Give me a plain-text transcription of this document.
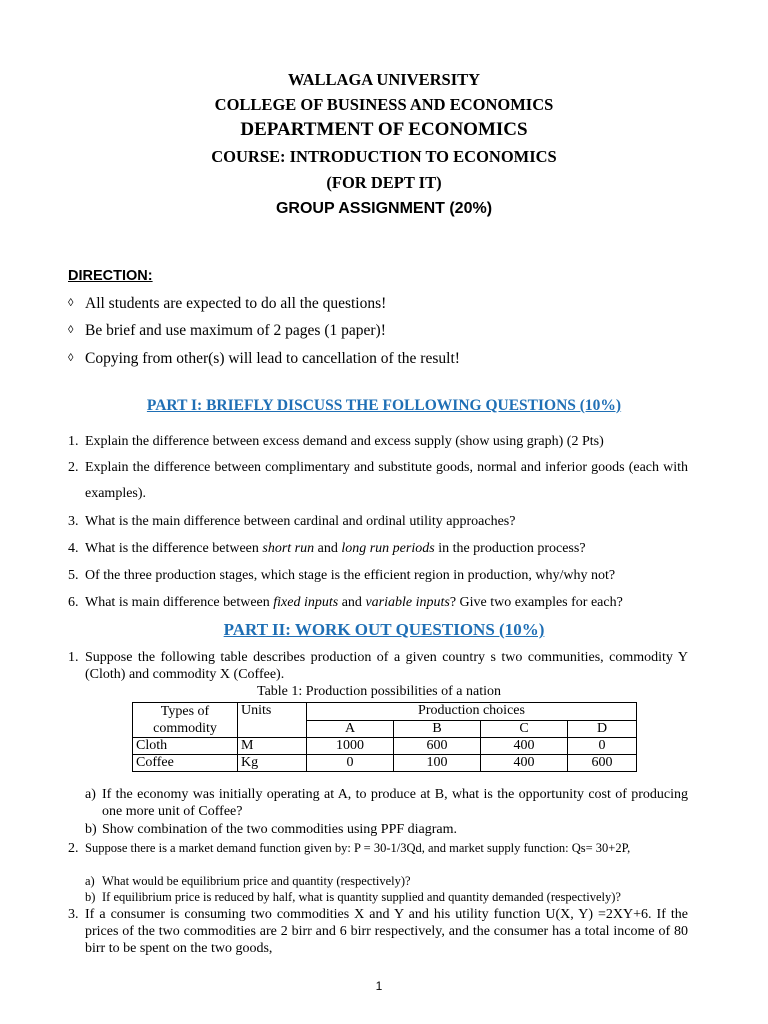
WALLAGA UNIVERSITY
COLLEGE OF BUSINESS AND ECONOMICS
DEPARTMENT OF ECONOMICS
COURSE: INTRODUCTION TO ECONOMICS
(FOR DEPT IT)
GROUP ASSIGNMENT (20%)
DIRECTION:
◊ All students are expected to do all the questions!
◊ Be brief and use maximum of 2 pages (1 paper)!
◊ Copying from other(s) will lead to cancellation of the result!
PART I: BRIEFLY DISCUSS THE FOLLOWING QUESTIONS (10%)
1. Explain the difference between excess demand and excess supply (show using graph) (2 Pts)
2. Explain the difference between complimentary and substitute goods, normal and inferior goods (each with examples).
3. What is the main difference between cardinal and ordinal utility approaches?
4. What is the difference between short run and long run periods in the production process?
5. Of the three production stages, which stage is the efficient region in production, why/why not?
6. What is main difference between fixed inputs and variable inputs? Give two examples for each?
PART II: WORK OUT QUESTIONS (10%)
1. Suppose the following table describes production of a given country s two communities, commodity Y (Cloth) and commodity X (Coffee).
Table 1: Production possibilities of a nation
Types of commodity	Units	Production choices			
		A	B	C	D
Cloth	M	1000	600	400	0
Coffee	Kg	0	100	400	600
a) If the economy was initially operating at A, to produce at B, what is the opportunity cost of producing one more unit of Coffee?
b) Show combination of the two commodities using PPF diagram.
2. Suppose there is a market demand function given by: P = 30-1/3Qd, and market supply function: Qs= 30+2P,
a) What would be equilibrium price and quantity (respectively)?
b) If equilibrium price is reduced by half, what is quantity supplied and quantity demanded (respectively)?
3. If a consumer is consuming two commodities X and Y and his utility function U(X, Y) =2XY+6. If the prices of the two commodities are 2 birr and 6 birr respectively, and the consumer has a total income of 80 birr to be spent on the two goods,
1
